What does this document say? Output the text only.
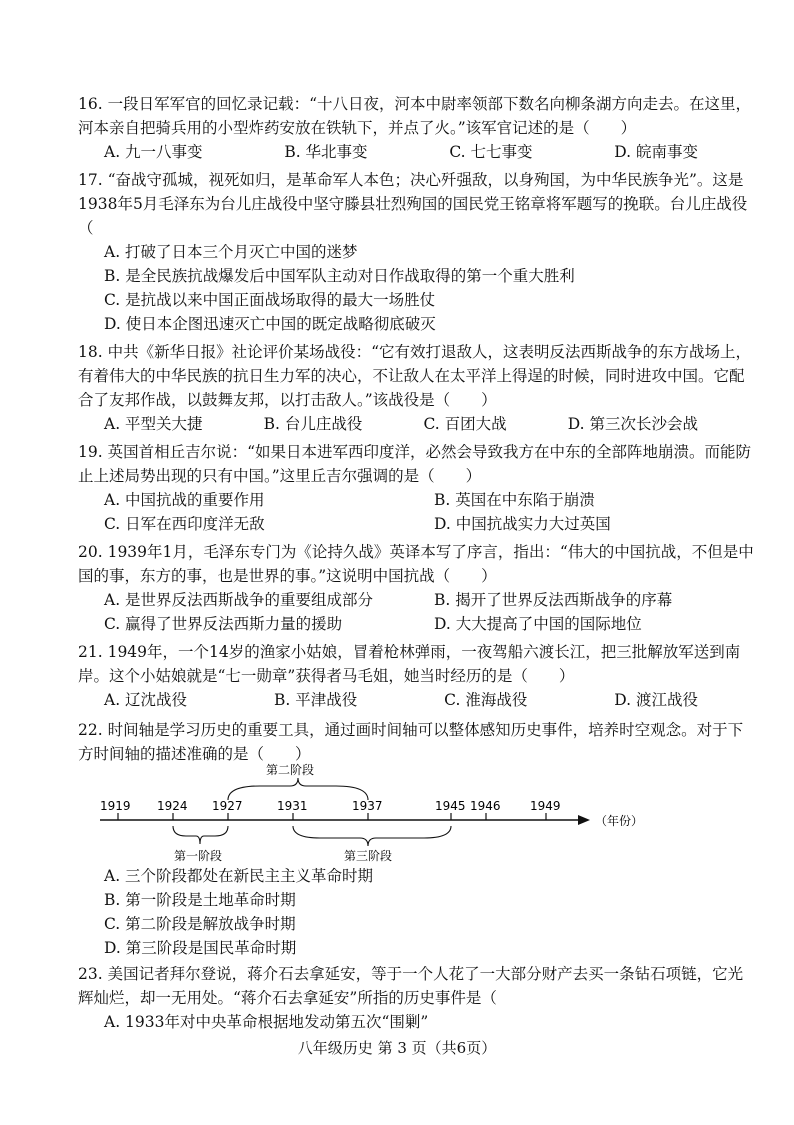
16. 一段日军军官的回忆录记载：“十八日夜，河本中尉率领部下数名向柳条湖方向走去。在这里，河本亲自把骑兵用的小型炸药安放在铁轨下，并点了火。”该军官记述的是（　　）
A. 九一八事变	B. 华北事变	C. 七七事变	D. 皖南事变
17. “奋战守孤城，视死如归，是革命军人本色；决心歼强敌，以身殉国，为中华民族争光”。这是1938年5月毛泽东为台儿庄战役中坚守滕县壮烈殉国的国民党王铭章将军题写的挽联。台儿庄战役（
A. 打破了日本三个月灭亡中国的迷梦
B. 是全民族抗战爆发后中国军队主动对日作战取得的第一个重大胜利
C. 是抗战以来中国正面战场取得的最大一场胜仗
D. 使日本企图迅速灭亡中国的既定战略彻底破灭
18. 中共《新华日报》社论评价某场战役：“它有效打退敌人，这表明反法西斯战争的东方战场上，有着伟大的中华民族的抗日生力军的决心，不让敌人在太平洋上得逞的时候，同时进攻中国。它配合了友邦作战，以鼓舞友邦，以打击敌人。”该战役是（　　）
A. 平型关大捷	B. 台儿庄战役	C. 百团大战	D. 第三次长沙会战
19. 英国首相丘吉尔说：“如果日本进军西印度洋，必然会导致我方在中东的全部阵地崩溃。而能防止上述局势出现的只有中国。”这里丘吉尔强调的是（　　）
A. 中国抗战的重要作用	B. 英国在中东陷于崩溃
C. 日军在西印度洋无敌	D. 中国抗战实力大过英国
20. 1939年1月，毛泽东专门为《论持久战》英译本写了序言，指出：“伟大的中国抗战，不但是中国的事，东方的事，也是世界的事。”这说明中国抗战（　　）
A. 是世界反法西斯战争的重要组成部分	B. 揭开了世界反法西斯战争的序幕
C. 赢得了世界反法西斯力量的援助	D. 大大提高了中国的国际地位
21. 1949年，一个14岁的渔家小姑娘，冒着枪林弹雨，一夜驾船六渡长江，把三批解放军送到南岸。这个小姑娘就是“七一勋章”获得者马毛姐，她当时经历的是（　　）
A. 辽沈战役	B. 平津战役	C. 淮海战役	D. 渡江战役
22. 时间轴是学习历史的重要工具，通过画时间轴可以整体感知历史事件，培养时空观念。对于下方时间轴的描述准确的是（　　）
1919 1924 1927	1931	1937	1945 1946 1949
（年份）
第二阶段
第一阶段	第三阶段
A. 三个阶段都处在新民主主义革命时期
B. 第一阶段是土地革命时期
C. 第二阶段是解放战争时期
D. 第三阶段是国民革命时期
23. 美国记者拜尔登说，蒋介石去拿延安，等于一个人花了一大部分财产去买一条钻石项链，它光辉灿烂，却一无用处。“蒋介石去拿延安”所指的历史事件是（
A. 1933年对中央革命根据地发动第五次“围剿”
八年级历史 第 3 页（共6页）
